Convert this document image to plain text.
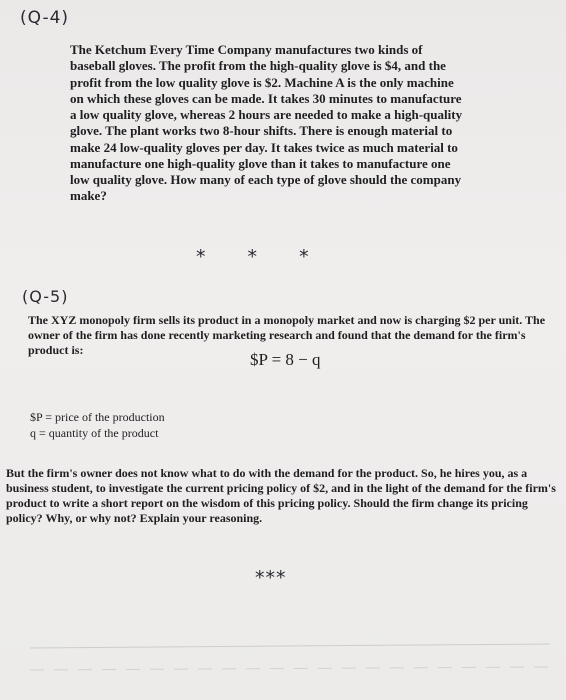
(Q-4)

The Ketchum Every Time Company manufactures two kinds of baseball gloves. The profit from the high-quality glove is $4, and the profit from the low quality glove is $2. Machine A is the only machine on which these gloves can be made. It takes 30 minutes to manufacture a low quality glove, whereas 2 hours are needed to make a high-quality glove. The plant works two 8-hour shifts. There is enough material to make 24 low-quality gloves per day. It takes twice as much material to manufacture one high-quality glove than it takes to manufacture one low quality glove. How many of each type of glove should the company make?

* * *
(Q-5)

The XYZ monopoly firm sells its product in a monopoly market and now is charging $2 per unit. The owner of the firm has done recently marketing research and found that the demand for the firm's product is:	$P = 8 − q
$P = price of the production
q = quantity of the product

But the firm's owner does not know what to do with the demand for the product. So, he hires you, as a business student, to investigate the current pricing policy of $2, and in the light of the demand for the firm's product to write a short report on the wisdom of this pricing policy. Should the firm change its pricing policy? Why, or why not? Explain your reasoning.

***
